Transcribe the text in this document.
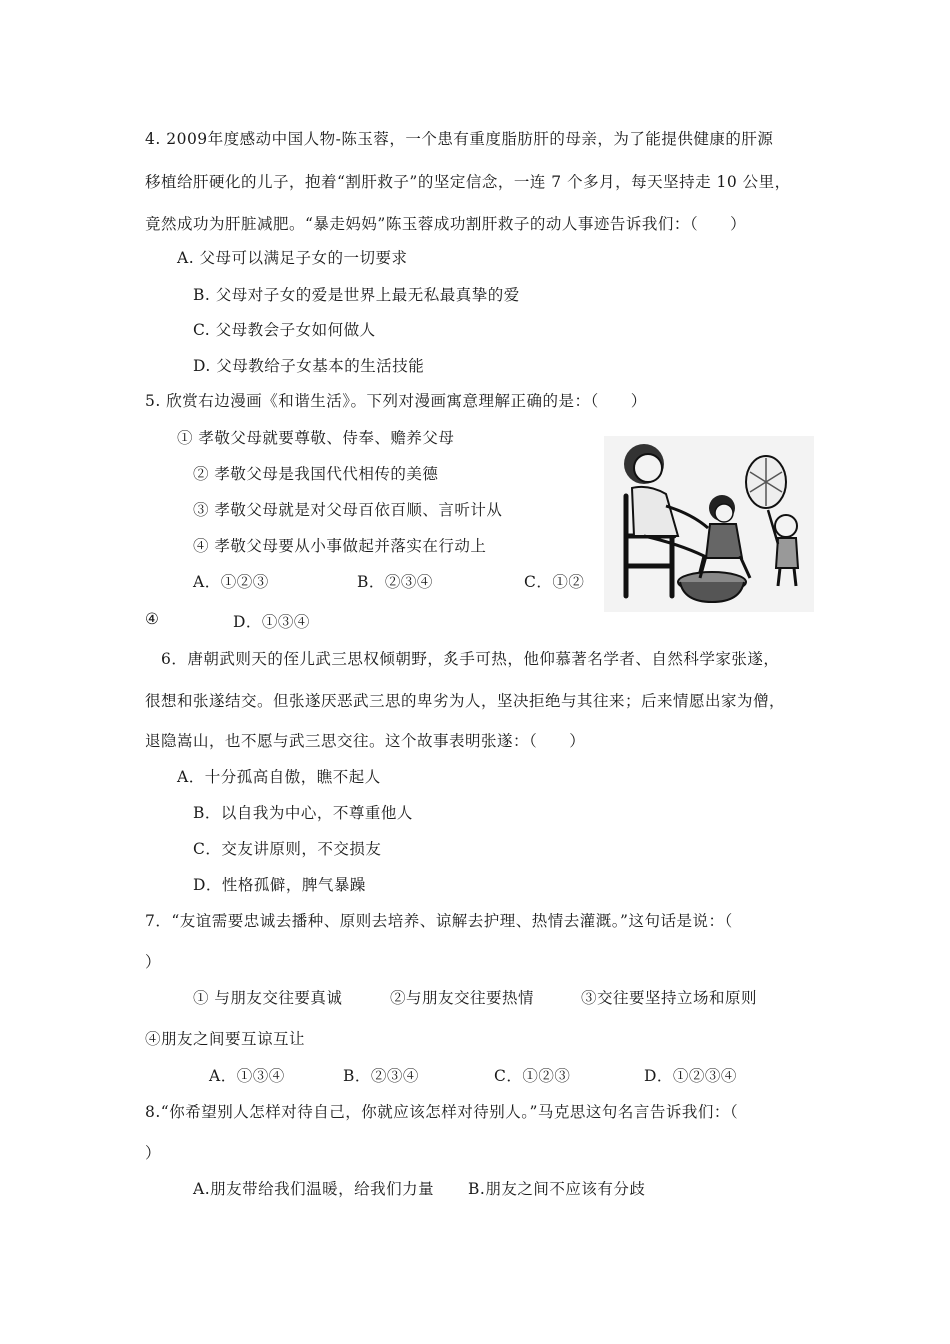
4. 2009年度感动中国人物-陈玉蓉，一个患有重度脂肪肝的母亲，为了能提供健康的肝源
移植给肝硬化的儿子，抱着“割肝救子”的坚定信念，一连 7 个多月，每天坚持走 10 公里，
竟然成功为肝脏减肥。“暴走妈妈”陈玉蓉成功割肝救子的动人事迹告诉我们：（　　）
A. 父母可以满足子女的一切要求
B. 父母对子女的爱是世界上最无私最真挚的爱
C. 父母教会子女如何做人
D. 父母教给子女基本的生活技能
5. 欣赏右边漫画《和谐生活》。下列对漫画寓意理解正确的是：（　　）
① 孝敬父母就要尊敬、侍奉、赡养父母
② 孝敬父母是我国代代相传的美德
③ 孝敬父母就是对父母百依百顺、言听计从
④ 孝敬父母要从小事做起并落实在行动上
A．①②③	B．②③④	C．①②
④	D．①③④
6．唐朝武则天的侄儿武三思权倾朝野，炙手可热，他仰慕著名学者、自然科学家张遂，
很想和张遂结交。但张遂厌恶武三思的卑劣为人，坚决拒绝与其往来；后来情愿出家为僧，
退隐嵩山，也不愿与武三思交往。这个故事表明张遂：（　　）
A．十分孤高自傲，瞧不起人
B．以自我为中心，不尊重他人
C．交友讲原则，不交损友
D．性格孤僻，脾气暴躁
7．“友谊需要忠诚去播种、原则去培养、谅解去护理、热情去灌溉。”这句话是说：（
）
① 与朋友交往要真诚	②与朋友交往要热情	③交往要坚持立场和原则
④朋友之间要互谅互让
A．①③④	B．②③④	C．①②③	D．①②③④
8.“你希望别人怎样对待自己，你就应该怎样对待别人。”马克思这句名言告诉我们：（
）
A.朋友带给我们温暖，给我们力量 B.朋友之间不应该有分歧
